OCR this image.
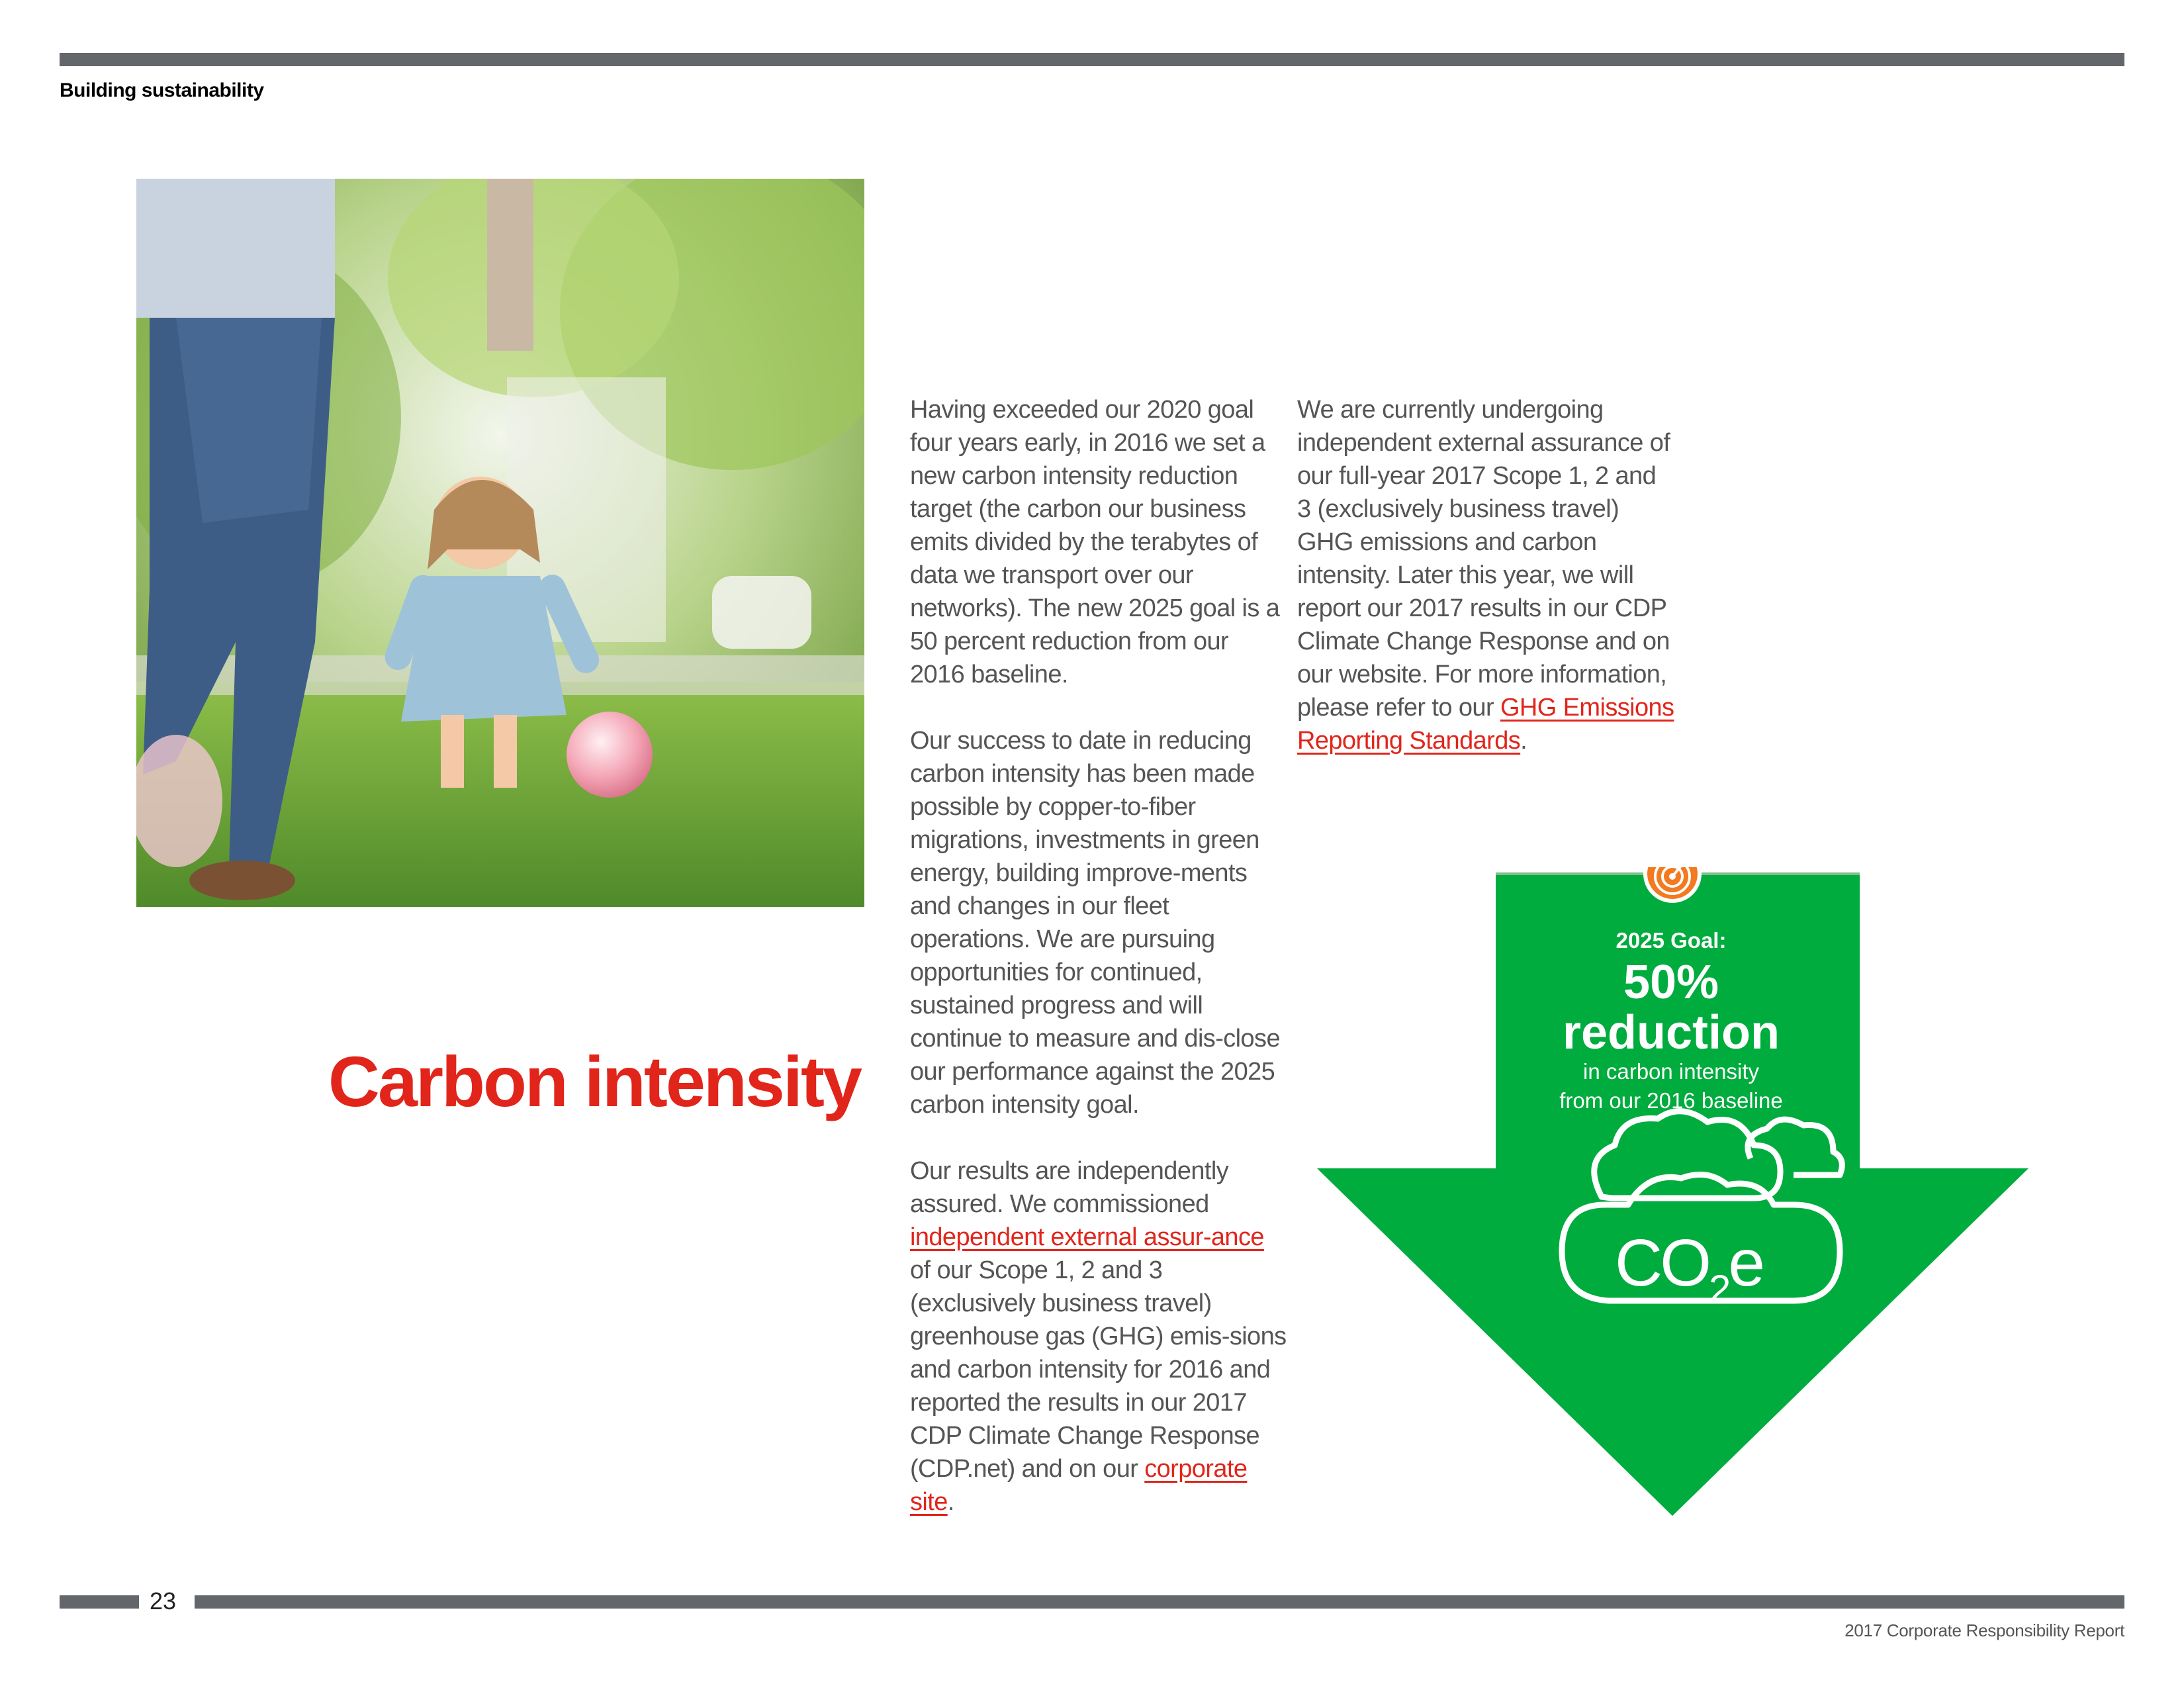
Building sustainability
Carbon intensity

Having exceeded our 2020 goal four years early, in 2016 we set a new carbon intensity reduction target (the carbon our business emits divided by the terabytes of data we transport over our networks). The new 2025 goal is a 50 percent reduction from our 2016 baseline.

Our success to date in reducing carbon intensity has been made possible by copper-to-fiber migrations, investments in green energy, building improve-ments and changes in our fleet operations. We are pursuing opportunities for continued, sustained progress and will continue to measure and dis-close our performance against the 2025 carbon intensity goal.

Our results are independently assured. We commissioned independent external assur-ance of our Scope 1, 2 and 3 (exclusively business travel) greenhouse gas (GHG) emis-sions and carbon intensity for 2016 and reported the results in our 2017 CDP Climate Change Response (CDP.net) and on our corporate site.

We are currently undergoing independent external assurance of our full-year 2017 Scope 1, 2 and 3 (exclusively business travel) GHG emissions and carbon intensity. Later this year, we will report our 2017 results in our CDP Climate Change Response and on our website. For more information, please refer to our GHG Emissions Reporting Standards.

2025 Goal:
50%
reduction
in carbon intensity
from our 2016 baseline
$CO_2e$
23
2017 Corporate Responsibility Report
